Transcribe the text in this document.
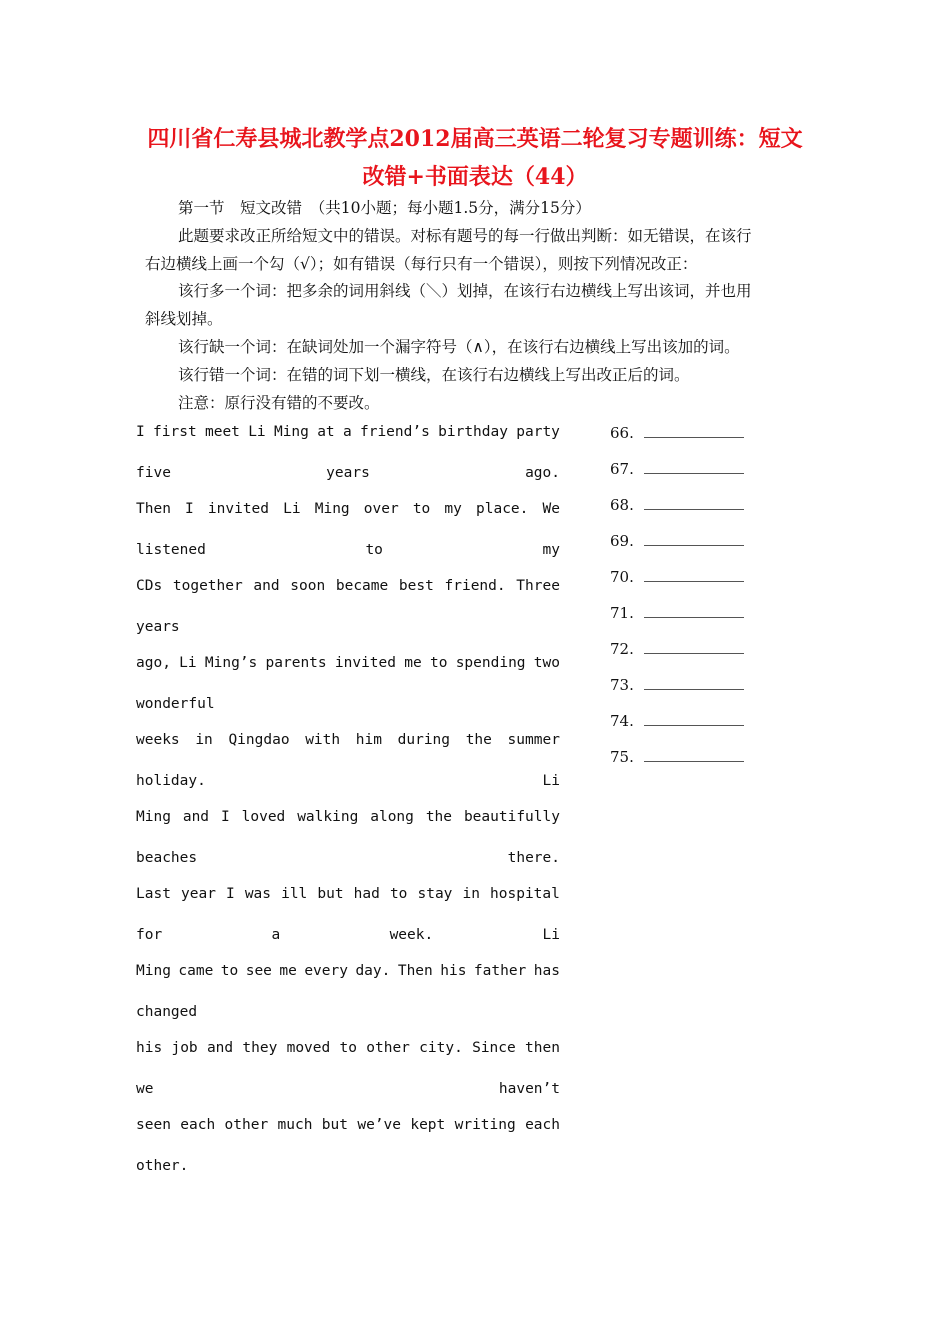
四川省仁寿县城北教学点2012届高三英语二轮复习专题训练：短文
改错+书面表达（44）
第一节　短文改错　（共10小题；每小题1.5分，满分15分）
此题要求改正所给短文中的错误。对标有题号的每一行做出判断：如无错误，在该行
右边横线上画一个勾（√）；如有错误（每行只有一个错误），则按下列情况改正：
该行多一个词：把多余的词用斜线（＼）划掉，在该行右边横线上写出该词，并也用
斜线划掉。
该行缺一个词：在缺词处加一个漏字符号（∧），在该行右边横线上写出该加的词。
该行错一个词：在错的词下划一横线，在该行右边横线上写出改正后的词。
注意：原行没有错的不要改。
I first meet Li Ming at a friend’s birthday party
five	years	ago.
Then I invited Li Ming over to my place. We
listened	to	my
CDs together and soon became best friend. Three
years
ago, Li Ming’s parents invited me to spending two
wonderful
weeks in Qingdao with him during the summer
holiday.	Li
Ming and I loved walking along the beautifully
beaches	there.
Last year I was ill but had to stay in hospital
for	a	week.	Li
Ming came to see me every day. Then his father has
changed
his job and they moved to other city. Since then
we	haven’t
seen each other much but we’ve kept writing each
other.
66.
67.
68.
69.
70.
71.
72.
73.
74.
75.
